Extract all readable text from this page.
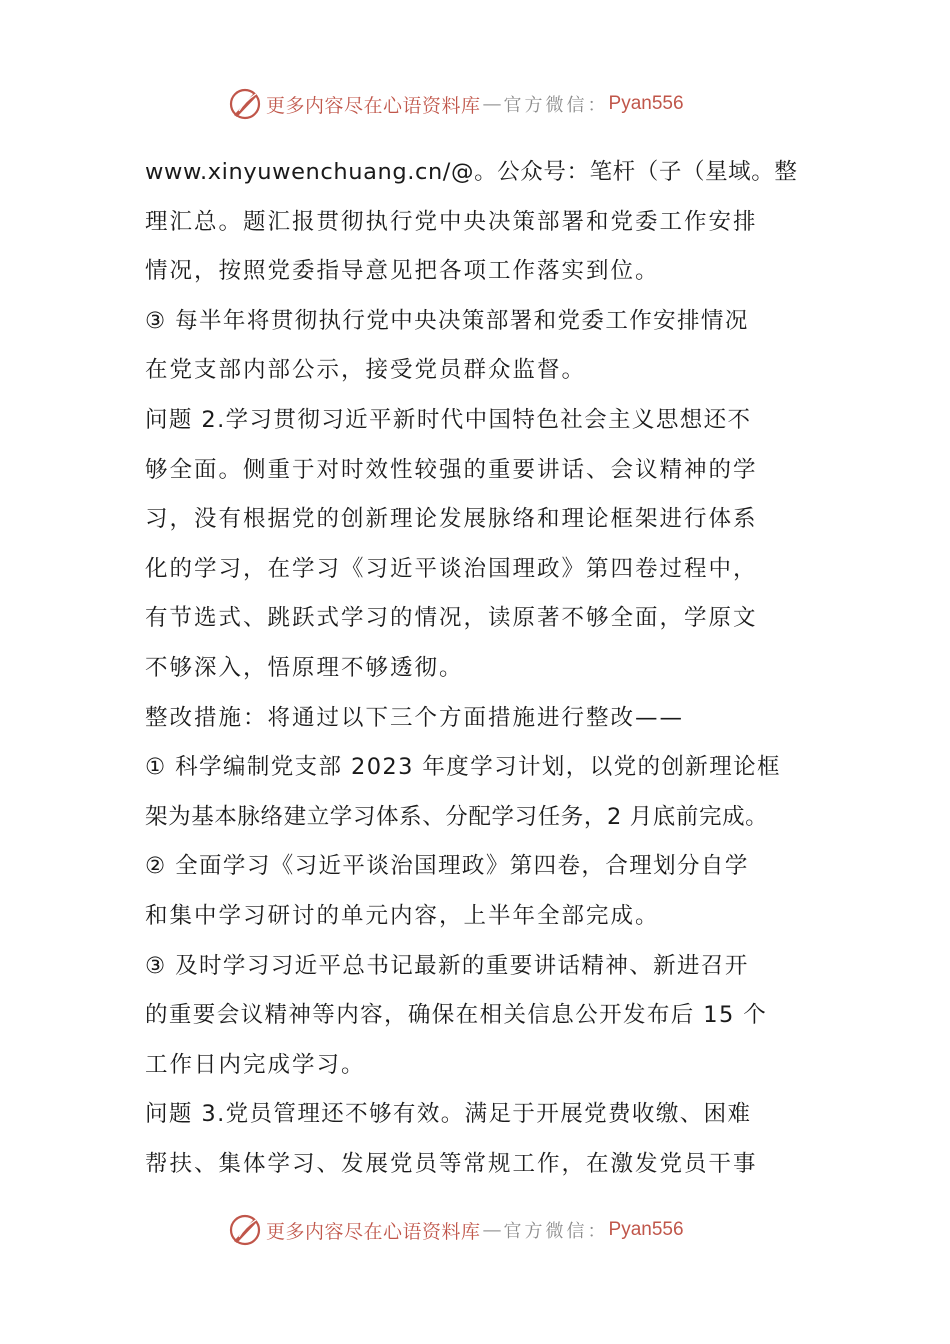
更多内容尽在心语资料库 — 官方微信： Pyan556
www.xinyuwenchuang.cn/@。公众号：笔杆（子（星域。整
理汇总。题汇报贯彻执行党中央决策部署和党委工作安排
情况，按照党委指导意见把各项工作落实到位。
③ 每半年将贯彻执行党中央决策部署和党委工作安排情况
在党支部内部公示，接受党员群众监督。
问题 2.学习贯彻习近平新时代中国特色社会主义思想还不
够全面。侧重于对时效性较强的重要讲话、会议精神的学
习，没有根据党的创新理论发展脉络和理论框架进行体系
化的学习，在学习《习近平谈治国理政》第四卷过程中，
有节选式、跳跃式学习的情况，读原著不够全面，学原文
不够深入，悟原理不够透彻。
整改措施：将通过以下三个方面措施进行整改——
① 科学编制党支部 2023 年度学习计划，以党的创新理论框
架为基本脉络建立学习体系、分配学习任务，2 月底前完成。
② 全面学习《习近平谈治国理政》第四卷，合理划分自学
和集中学习研讨的单元内容，上半年全部完成。
③ 及时学习习近平总书记最新的重要讲话精神、新进召开
的重要会议精神等内容，确保在相关信息公开发布后 15 个
工作日内完成学习。
问题 3.党员管理还不够有效。满足于开展党费收缴、困难
帮扶、集体学习、发展党员等常规工作，在激发党员干事
更多内容尽在心语资料库 — 官方微信： Pyan556
